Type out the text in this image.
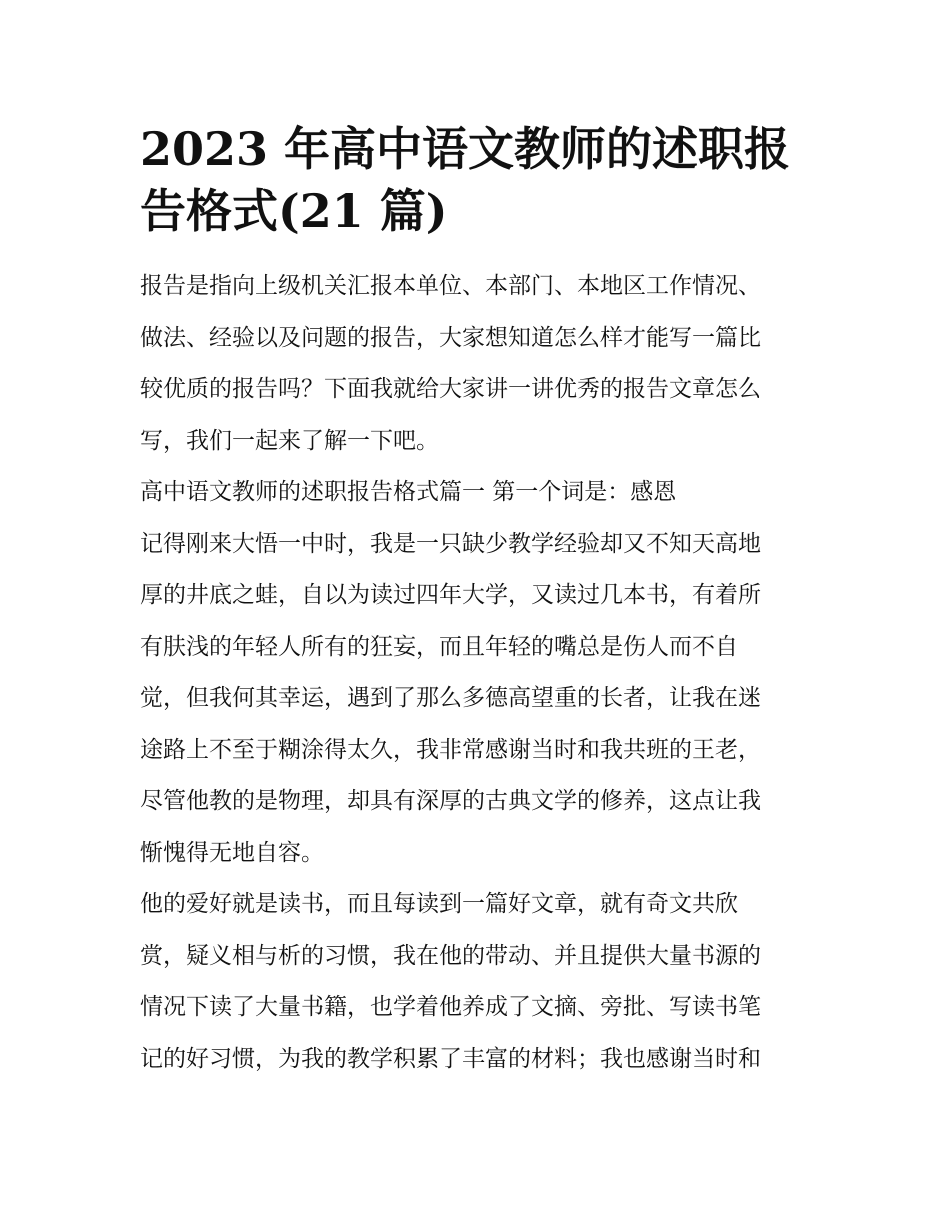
2023 年高中语文教师的述职报
告格式(21 篇)
报告是指向上级机关汇报本单位、本部门、本地区工作情况、
做法、经验以及问题的报告，大家想知道怎么样才能写一篇比
较优质的报告吗？下面我就给大家讲一讲优秀的报告文章怎么
写，我们一起来了解一下吧。
高中语文教师的述职报告格式篇一 第一个词是：感恩
记得刚来大悟一中时，我是一只缺少教学经验却又不知天高地
厚的井底之蛙，自以为读过四年大学，又读过几本书，有着所
有肤浅的年轻人所有的狂妄，而且年轻的嘴总是伤人而不自
觉，但我何其幸运，遇到了那么多德高望重的长者，让我在迷
途路上不至于糊涂得太久，我非常感谢当时和我共班的王老，
尽管他教的是物理，却具有深厚的古典文学的修养，这点让我
惭愧得无地自容。
他的爱好就是读书，而且每读到一篇好文章，就有奇文共欣
赏，疑义相与析的习惯，我在他的带动、并且提供大量书源的
情况下读了大量书籍，也学着他养成了文摘、旁批、写读书笔
记的好习惯，为我的教学积累了丰富的材料；我也感谢当时和
